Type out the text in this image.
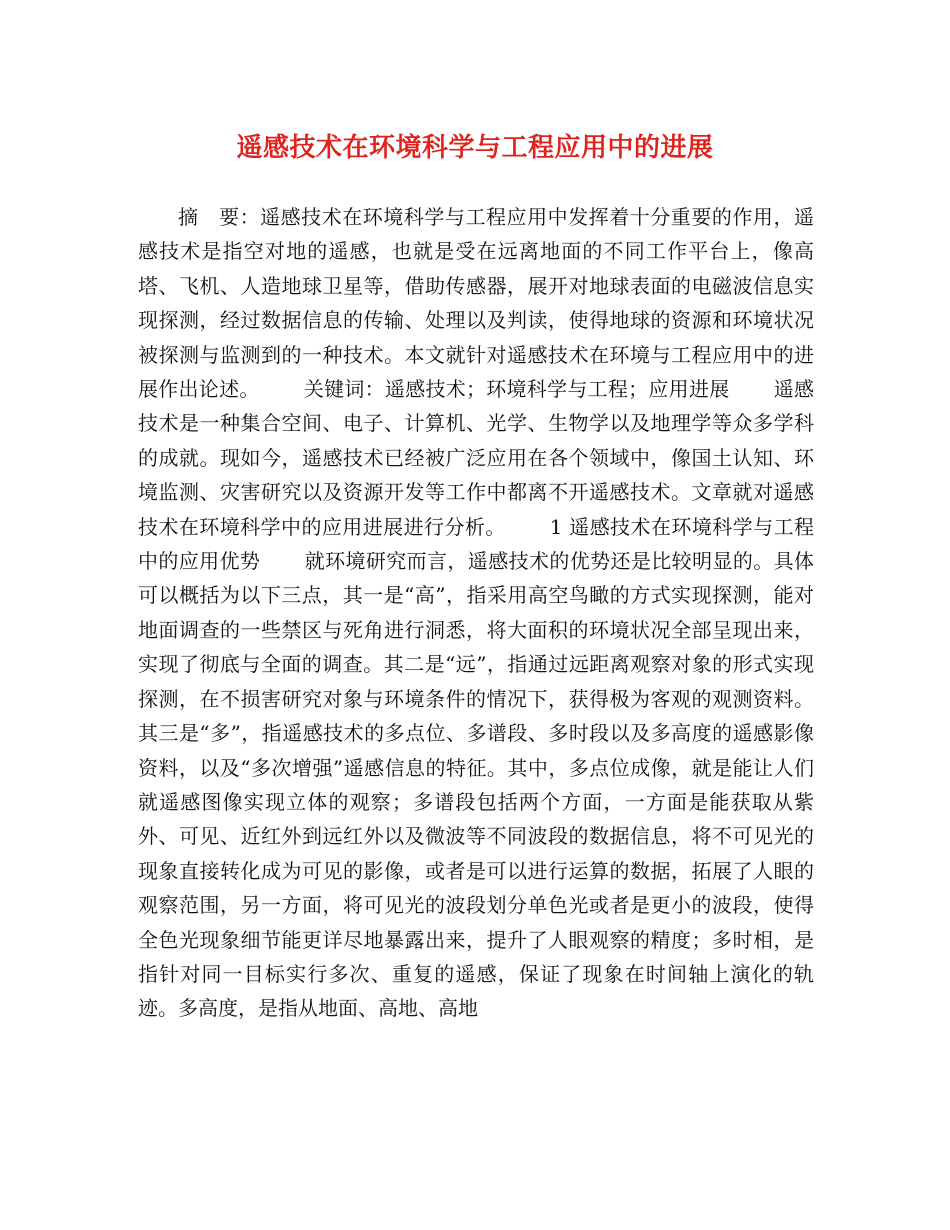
遥感技术在环境科学与工程应用中的进展

摘　要：遥感技术在环境科学与工程应用中发挥着十分重要的作用，遥感技术是指空对地的遥感，也就是受在远离地面的不同工作平台上，像高塔、飞机、人造地球卫星等，借助传感器，展开对地球表面的电磁波信息实现探测，经过数据信息的传输、处理以及判读，使得地球的资源和环境状况被探测与监测到的一种技术。本文就针对遥感技术在环境与工程应用中的进展作出论述。 关键词：遥感技术；环境科学与工程；应用进展 遥感技术是一种集合空间、电子、计算机、光学、生物学以及地理学等众多学科的成就。现如今，遥感技术已经被广泛应用在各个领域中，像国土认知、环境监测、灾害研究以及资源开发等工作中都离不开遥感技术。文章就对遥感技术在环境科学中的应用进展进行分析。 1 遥感技术在环境科学与工程中的应用优势 就环境研究而言，遥感技术的优势还是比较明显的。具体可以概括为以下三点，其一是“高”，指采用高空鸟瞰的方式实现探测，能对地面调查的一些禁区与死角进行洞悉，将大面积的环境状况全部呈现出来，实现了彻底与全面的调查。其二是“远”，指通过远距离观察对象的形式实现探测，在不损害研究对象与环境条件的情况下，获得极为客观的观测资料。其三是“多”，指遥感技术的多点位、多谱段、多时段以及多高度的遥感影像资料，以及“多次增强”遥感信息的特征。其中，多点位成像，就是能让人们就遥感图像实现立体的观察；多谱段包括两个方面，一方面是能获取从紫外、可见、近红外到远红外以及微波等不同波段的数据信息，将不可见光的现象直接转化成为可见的影像，或者是可以进行运算的数据，拓展了人眼的观察范围，另一方面，将可见光的波段划分单色光或者是更小的波段，使得全色光现象细节能更详尽地暴露出来，提升了人眼观察的精度；多时相，是指针对同一目标实行多次、重复的遥感，保证了现象在时间轴上演化的轨迹。多高度，是指从地面、高地、高地
